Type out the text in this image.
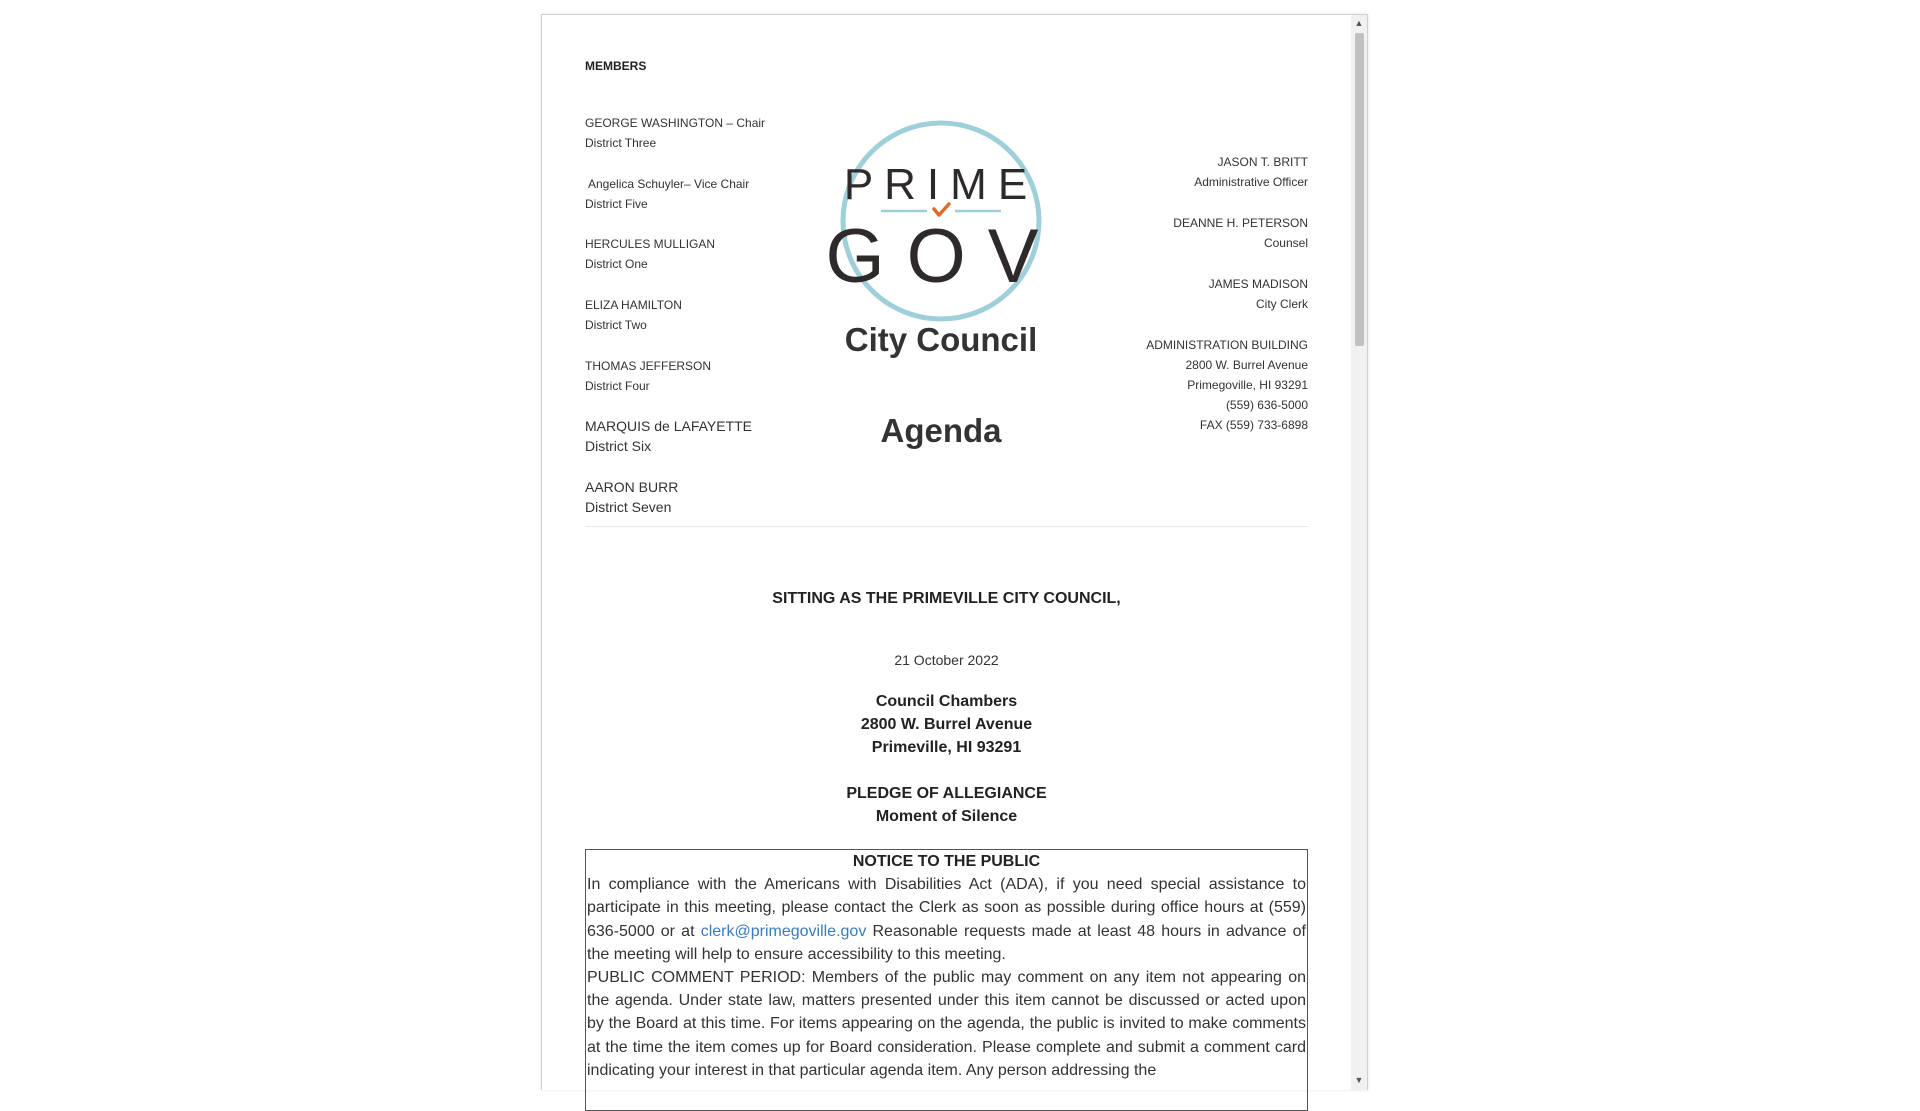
MEMBERS
GEORGE WASHINGTON – Chair
District Three
Angelica Schuyler– Vice Chair
District Five
HERCULES MULLIGAN
District One
ELIZA HAMILTON
District Two
THOMAS JEFFERSON
District Four
MARQUIS de LAFAYETTE
District Six
AARON BURR
District Seven
PRIME
GOV
City Council
Agenda
JASON T. BRITT
Administrative Officer
DEANNE H. PETERSON
Counsel
JAMES MADISON
City Clerk
ADMINISTRATION BUILDING
2800 W. Burrel Avenue
Primegoville, HI 93291
(559) 636-5000
FAX (559) 733-6898
SITTING AS THE PRIMEVILLE CITY COUNCIL,
21 October 2022
Council Chambers
2800 W. Burrel Avenue
Primeville, HI 93291
PLEDGE OF ALLEGIANCE
Moment of Silence
NOTICE TO THE PUBLIC

In compliance with the Americans with Disabilities Act (ADA), if you need special assistance to participate in this meeting, please contact the Clerk as soon as possible during office hours at (559) 636-5000 or at clerk@primegoville.gov Reasonable requests made at least 48 hours in advance of the meeting will help to ensure accessibility to this meeting.

PUBLIC COMMENT PERIOD: Members of the public may comment on any item not appearing on the agenda. Under state law, matters presented under this item cannot be discussed or acted upon by the Board at this time. For items appearing on the agenda, the public is invited to make comments at the time the item comes up for Board consideration. Please complete and submit a comment card indicating your interest in that particular agenda item. Any person addressing the

▲
▼
